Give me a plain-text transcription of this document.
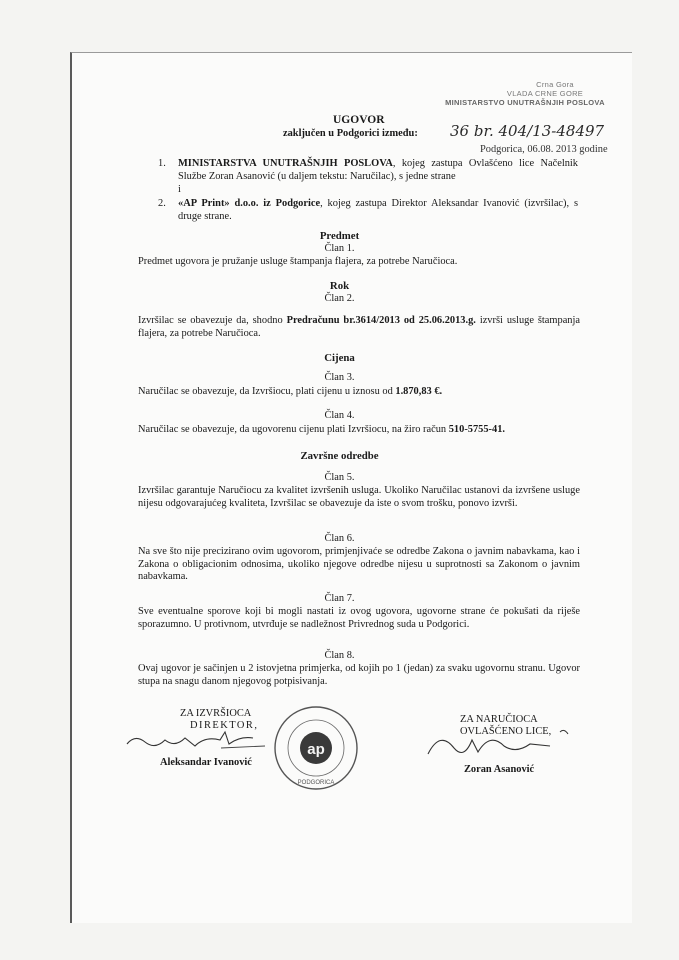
Crna Gora
VLADA CRNE GORE
MINISTARSTVO UNUTRAŠNJIH POSLOVA
UGOVOR
zaključen u Podgorici između: 36 br. 404/13-48497
Podgorica, 06.08. 2013 godine
1. MINISTARSTVA UNUTRAŠNJIH POSLOVA, kojeg zastupa Ovlašćeno lice Načelnik Službe Zoran Asanović (u daljem tekstu: Naručilac), s jedne strane
i
2. «AP Print» d.o.o. iz Podgorice, kojeg zastupa Direktor Aleksandar Ivanović (izvršilac), s druge strane.
Predmet
Član 1.
Predmet ugovora je pružanje usluge štampanja flajera, za potrebe Naručioca.
Rok
Član 2.
Izvršilac se obavezuje da, shodno Predračunu br.3614/2013 od 25.06.2013.g. izvrši usluge štampanja flajera, za potrebe Naručioca.
Cijena
Član 3.
Naručilac se obavezuje, da Izvršiocu, plati cijenu u iznosu od 1.870,83 €.
Član 4.
Naručilac se obavezuje, da ugovorenu cijenu plati Izvršiocu, na žiro račun 510-5755-41.
Završne odredbe
Član 5.
Izvršilac garantuje Naručiocu za kvalitet izvršenih usluga. Ukoliko Naručilac ustanovi da izvršene usluge nijesu odgovarajućeg kvaliteta, Izvršilac se obavezuje da iste o svom trošku, ponovo izvrši.
Član 6.
Na sve što nije precizirano ovim ugovorom, primjenjivaće se odredbe Zakona o javnim nabavkama, kao i Zakona o obligacionim odnosima, ukoliko njegove odredbe nijesu u suprotnosti sa Zakonom o javnim nabavkama.
Član 7.
Sve eventualne sporove koji bi mogli nastati iz ovog ugovora, ugovorne strane će pokušati da riješe sporazumno. U protivnom, utvrđuje se nadležnost Privrednog suda u Podgorici.
Član 8.
Ovaj ugovor je sačinjen u 2 istovjetna primjerka, od kojih po 1 (jedan) za svaku ugovornu stranu. Ugovor stupa na snagu danom njegovog potpisivanja.
ZA IZVRŠIOCA
DIREKTOR,
Aleksandar Ivanović
ap
PODGORICA
ZA NARUČIOCA
OVLAŠĆENO LICE,
Zoran Asanović
